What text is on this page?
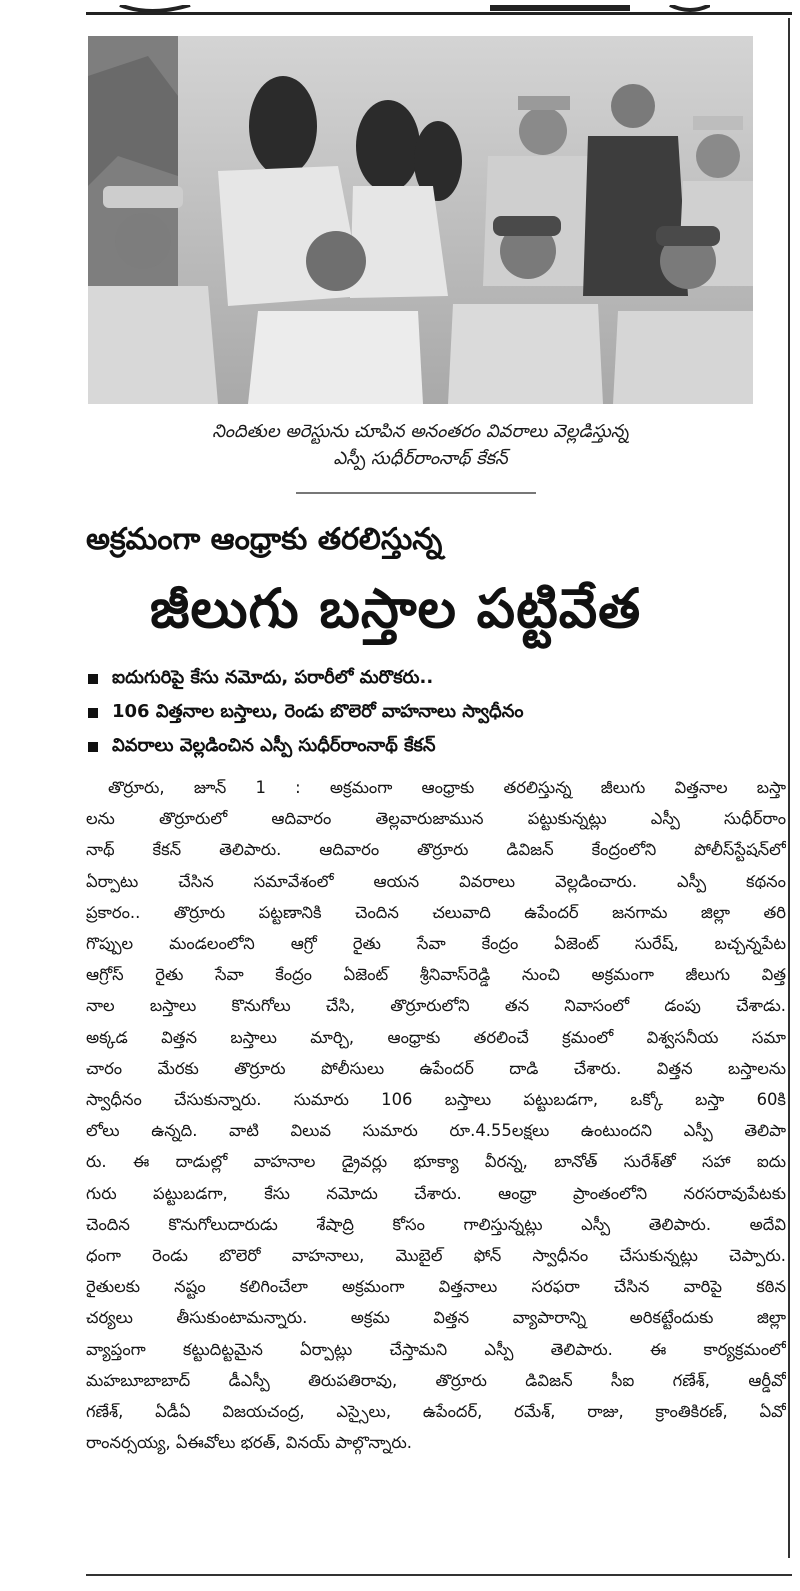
నిందితుల అరెస్టును చూపిన అనంతరం వివరాలు వెల్లడిస్తున్న
ఎస్పీ సుధీర్‌రాంనాథ్ కేకన్
అక్రమంగా ఆంధ్రాకు తరలిస్తున్న
జీలుగు బస్తాల పట్టివేత
ఐదుగురిపై కేసు నమోదు, పరారీలో మరొకరు..
106 విత్తనాల బస్తాలు, రెండు బొలెరో వాహనాలు స్వాధీనం
వివరాలు వెల్లడించిన ఎస్పీ సుధీర్‌రాంనాథ్ కేకన్
తొర్రూరు, జూన్ 1 : అక్రమంగా ఆంధ్రాకు తరలిస్తున్న జీలుగు విత్తనాల బస్తా
లను తొర్రూరులో ఆదివారం తెల్లవారుజామున పట్టుకున్నట్లు ఎస్పీ సుధీర్‌రాం
నాథ్ కేకన్ తెలిపారు. ఆదివారం తొర్రూరు డివిజన్ కేంద్రంలోని పోలీస్‌స్టేషన్‌లో
ఏర్పాటు చేసిన సమావేశంలో ఆయన వివరాలు వెల్లడించారు. ఎస్పీ కథనం
ప్రకారం.. తొర్రూరు పట్టణానికి చెందిన చలువాది ఉపేందర్ జనగామ జిల్లా తరి
గొప్పుల మండలంలోని ఆగ్రో రైతు సేవా కేంద్రం ఏజెంట్ సురేష్, బచ్చన్నపేట
ఆగ్రోస్ రైతు సేవా కేంద్రం ఏజెంట్ శ్రీనివాస్‌రెడ్డి నుంచి అక్రమంగా జీలుగు విత్త
నాల బస్తాలు కొనుగోలు చేసి, తొర్రూరులోని తన నివాసంలో డంపు చేశాడు.
అక్కడ విత్తన బస్తాలు మార్చి, ఆంధ్రాకు తరలించే క్రమంలో విశ్వసనీయ సమా
చారం మేరకు తొర్రూరు పోలీసులు ఉపేందర్ దాడి చేశారు. విత్తన బస్తాలను
స్వాధీనం చేసుకున్నారు. సుమారు 106 బస్తాలు పట్టుబడగా, ఒక్కో బస్తా 60కి
లోలు ఉన్నది. వాటి విలువ సుమారు రూ.4.55లక్షలు ఉంటుందని ఎస్పీ తెలిపా
రు. ఈ దాడుల్లో వాహనాల డ్రైవర్లు భూక్యా వీరన్న, బానోత్ సురేశ్‌తో సహా ఐదు
గురు పట్టుబడగా, కేసు నమోదు చేశారు. ఆంధ్రా ప్రాంతంలోని నరసరావుపేటకు
చెందిన కొనుగోలుదారుడు శేషాద్రి కోసం గాలిస్తున్నట్లు ఎస్పీ తెలిపారు. అదేవి
ధంగా రెండు బొలెరో వాహనాలు, మొబైల్ ఫోన్ స్వాధీనం చేసుకున్నట్లు చెప్పారు.
రైతులకు నష్టం కలిగించేలా అక్రమంగా విత్తనాలు సరఫరా చేసిన వారిపై కఠిన
చర్యలు తీసుకుంటామన్నారు. అక్రమ విత్తన వ్యాపారాన్ని అరికట్టేందుకు జిల్లా
వ్యాప్తంగా కట్టుదిట్టమైన ఏర్పాట్లు చేస్తామని ఎస్పీ తెలిపారు. ఈ కార్యక్రమంలో
మహబూబాబాద్ డీఎస్పీ తిరుపతిరావు, తొర్రూరు డివిజన్ సీఐ గణేశ్, ఆర్డీవో
గణేశ్, ఏడీఏ విజయచంద్ర, ఎస్సైలు, ఉపేందర్, రమేశ్, రాజు, క్రాంతికిరణ్, ఏవో
రాంనర్సయ్య, ఏఈవోలు భరత్, వినయ్ పాల్గొన్నారు.
